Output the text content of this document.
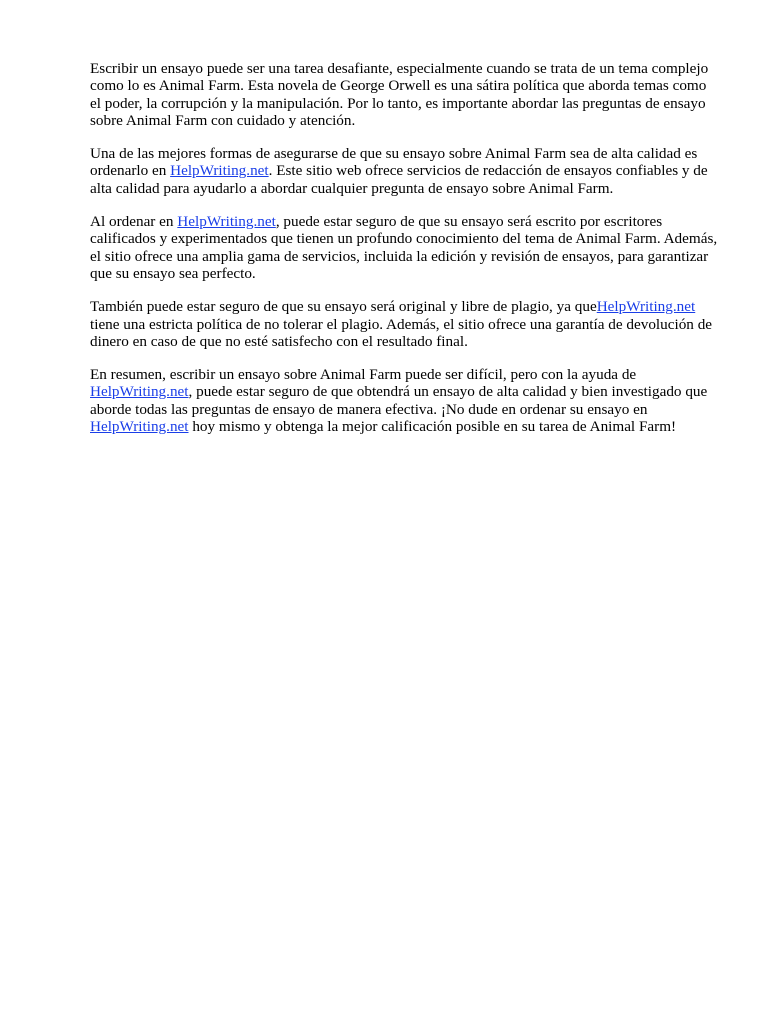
Escribir un ensayo puede ser una tarea desafiante, especialmente cuando se trata de un tema complejo como lo es Animal Farm. Esta novela de George Orwell es una sátira política que aborda temas como el poder, la corrupción y la manipulación. Por lo tanto, es importante abordar las preguntas de ensayo sobre Animal Farm con cuidado y atención.

Una de las mejores formas de asegurarse de que su ensayo sobre Animal Farm sea de alta calidad es ordenarlo en HelpWriting.net. Este sitio web ofrece servicios de redacción de ensayos confiables y de alta calidad para ayudarlo a abordar cualquier pregunta de ensayo sobre Animal Farm.

Al ordenar en HelpWriting.net, puede estar seguro de que su ensayo será escrito por escritores calificados y experimentados que tienen un profundo conocimiento del tema de Animal Farm. Además, el sitio ofrece una amplia gama de servicios, incluida la edición y revisión de ensayos, para garantizar que su ensayo sea perfecto.

También puede estar seguro de que su ensayo será original y libre de plagio, ya queHelpWriting.net tiene una estricta política de no tolerar el plagio. Además, el sitio ofrece una garantía de devolución de dinero en caso de que no esté satisfecho con el resultado final.

En resumen, escribir un ensayo sobre Animal Farm puede ser difícil, pero con la ayuda de HelpWriting.net, puede estar seguro de que obtendrá un ensayo de alta calidad y bien investigado que aborde todas las preguntas de ensayo de manera efectiva. ¡No dude en ordenar su ensayo en HelpWriting.net hoy mismo y obtenga la mejor calificación posible en su tarea de Animal Farm!
